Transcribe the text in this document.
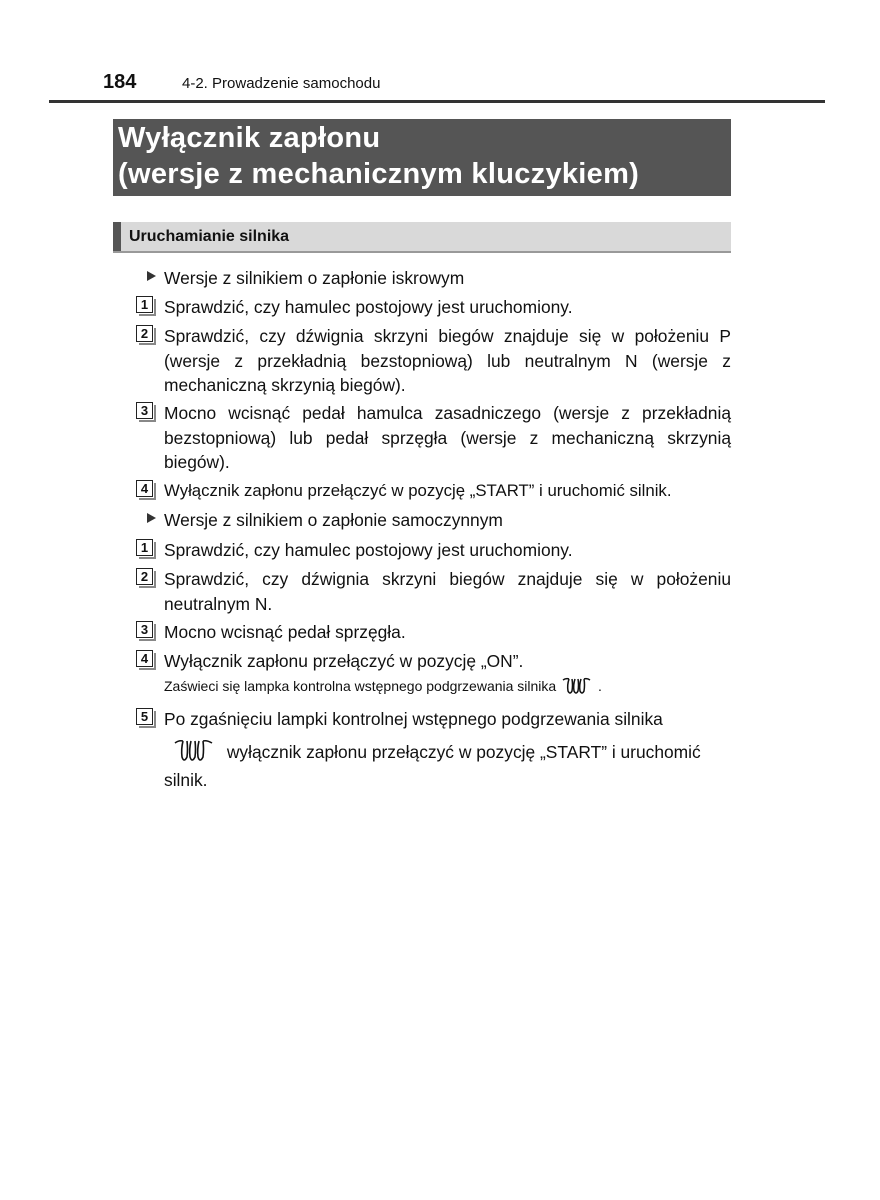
184	4-2. Prowadzenie samochodu
Wyłącznik zapłonu
(wersje z mechanicznym kluczykiem)
Uruchamianie silnika
Wersje z silnikiem o zapłonie iskrowym
1 Sprawdzić, czy hamulec postojowy jest uruchomiony.
2 Sprawdzić, czy dźwignia skrzyni biegów znajduje się w położeniu P (wersje z przekładnią bezstopniową) lub neutralnym N (wersje z mechaniczną skrzynią biegów).
3 Mocno wcisnąć pedał hamulca zasadniczego (wersje z przekładnią bezstopniową) lub pedał sprzęgła (wersje z mechaniczną skrzynią biegów).
4 Wyłącznik zapłonu przełączyć w pozycję „START” i uruchomić silnik.
Wersje z silnikiem o zapłonie samoczynnym
1 Sprawdzić, czy hamulec postojowy jest uruchomiony.
2 Sprawdzić, czy dźwignia skrzyni biegów znajduje się w położeniu neutralnym N.
3 Mocno wcisnąć pedał sprzęgła.
4 Wyłącznik zapłonu przełączyć w pozycję „ON”.
Zaświeci się lampka kontrolna wstępnego podgrzewania silnika	.
5 Po zgaśnięciu lampki kontrolnej wstępnego podgrzewania silnika
wyłącznik zapłonu przełączyć w pozycję „START” i uruchomić
silnik.
